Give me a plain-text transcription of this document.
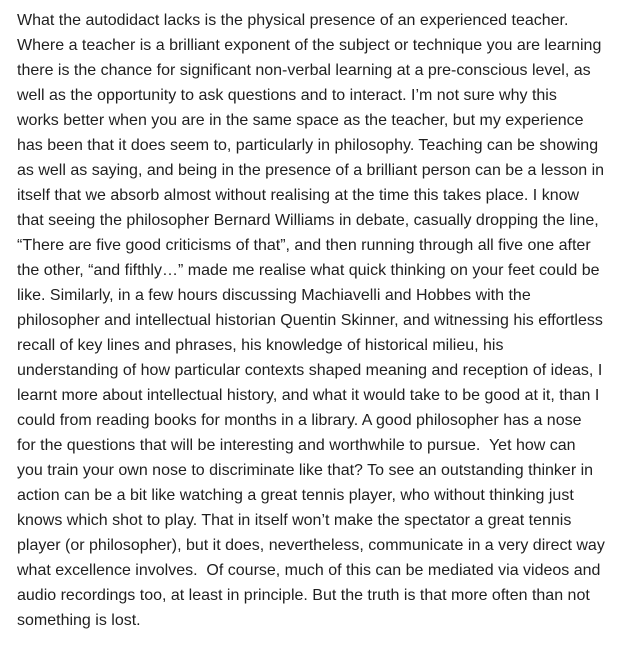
What the autodidact lacks is the physical presence of an experienced teacher.
Where a teacher is a brilliant exponent of the subject or technique you are learning
there is the chance for significant non-verbal learning at a pre-conscious level, as
well as the opportunity to ask questions and to interact. I’m not sure why this
works better when you are in the same space as the teacher, but my experience
has been that it does seem to, particularly in philosophy. Teaching can be showing
as well as saying, and being in the presence of a brilliant person can be a lesson in
itself that we absorb almost without realising at the time this takes place. I know
that seeing the philosopher Bernard Williams in debate, casually dropping the line,
“There are five good criticisms of that”, and then running through all five one after
the other, “and fifthly…” made me realise what quick thinking on your feet could be
like. Similarly, in a few hours discussing Machiavelli and Hobbes with the
philosopher and intellectual historian Quentin Skinner, and witnessing his effortless
recall of key lines and phrases, his knowledge of historical milieu, his
understanding of how particular contexts shaped meaning and reception of ideas, I
learnt more about intellectual history, and what it would take to be good at it, than I
could from reading books for months in a library. A good philosopher has a nose
for the questions that will be interesting and worthwhile to pursue.  Yet how can
you train your own nose to discriminate like that? To see an outstanding thinker in
action can be a bit like watching a great tennis player, who without thinking just
knows which shot to play. That in itself won’t make the spectator a great tennis
player (or philosopher), but it does, nevertheless, communicate in a very direct way
what excellence involves.  Of course, much of this can be mediated via videos and
audio recordings too, at least in principle. But the truth is that more often than not
something is lost.
